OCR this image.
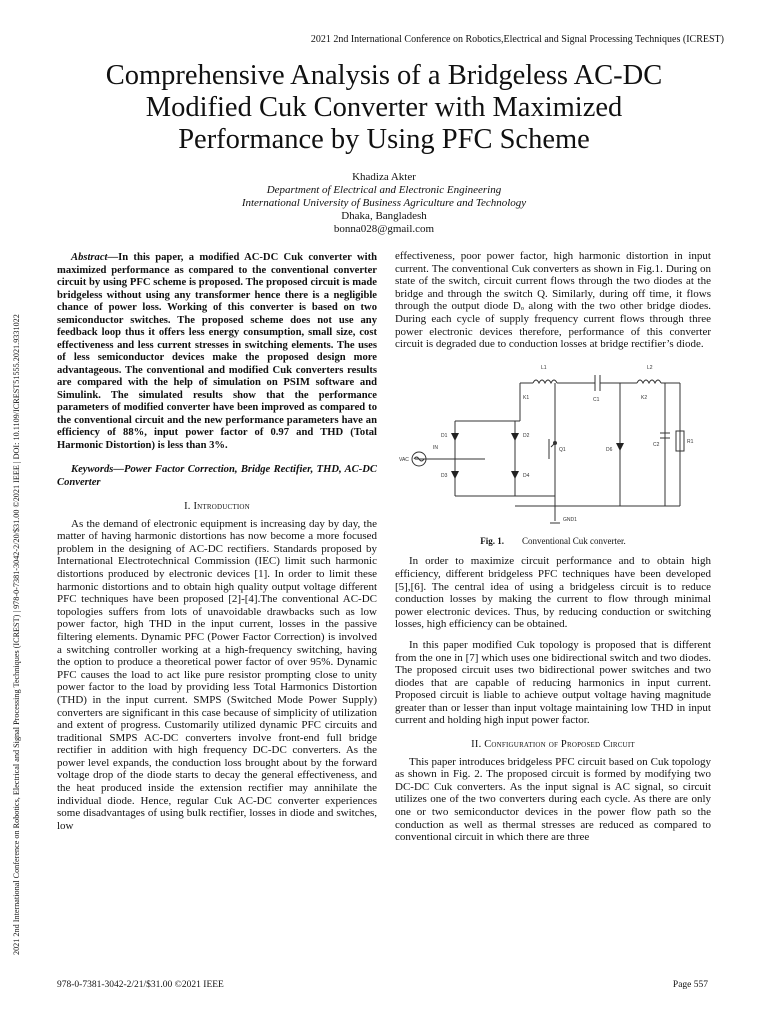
2021 2nd International Conference on Robotics,Electrical and Signal Processing Techniques (ICREST)
2021 2nd International Conference on Robotics, Electrical and Signal Processing Techniques (ICREST) | 978-0-7381-3042-2/20/$31.00 ©2021 IEEE | DOI: 10.1109/ICREST51555.2021.9331022
Comprehensive Analysis of a Bridgeless AC-DC
Modified Cuk Converter with Maximized
Performance by Using PFC Scheme
Khadiza Akter
Department of Electrical and Electronic Engineering
International University of Business Agriculture and Technology
Dhaka, Bangladesh
bonna028@gmail.com

Abstract—In this paper, a modified AC-DC Cuk converter with maximized performance as compared to the conventional converter circuit by using PFC scheme is proposed. The proposed circuit is made bridgeless without using any transformer hence there is a negligible chance of power loss. Working of this converter is based on two semiconductor switches. The proposed scheme does not use any feedback loop thus it offers less energy consumption, small size, cost effectiveness and less current stresses in switching elements. The uses of less semiconductor devices make the proposed design more advantageous. The conventional and modified Cuk converters results are compared with the help of simulation on PSIM software and Simulink. The simulated results show that the performance parameters of modified converter have been improved as compared to the conventional circuit and the new performance parameters have an efficiency of 88%, input power factor of 0.97 and THD (Total Harmonic Distortion) is less than 3%.

Keywords—Power Factor Correction, Bridge Rectifier, THD, AC-DC Converter

I. Introduction

As the demand of electronic equipment is increasing day by day, the matter of having harmonic distortions has now become a more focused problem in the designing of AC-DC rectifiers. Standards proposed by International Electrotechnical Commission (IEC) limit such harmonic distortions produced by electronic devices [1]. In order to limit these harmonic distortions and to obtain high quality output voltage different PFC techniques have been proposed [2]-[4].The conventional AC-DC topologies suffers from lots of unavoidable drawbacks such as low power factor, high THD in the input current, losses in the passive filtering elements. Dynamic PFC (Power Factor Correction) is involved a switching controller working at a high-frequency switching, having the option to produce a theoretical power factor of over 95%. Dynamic PFC causes the load to act like pure resistor prompting close to unity power factor to the load by providing less Total Harmonics Distortion (THD) in the input current. SMPS (Switched Mode Power Supply) converters are significant in this case because of simplicity of utilization and extent of progress. Customarily utilized dynamic PFC circuits and traditional SMPS AC-DC converters involve front-end full bridge rectifier in addition with high frequency DC-DC converters. As the power level expands, the conduction loss brought about by the forward voltage drop of the diode starts to decay the general effectiveness, and the heat produced inside the extension rectifier may annihilate the individual diode. Hence, regular Cuk AC-DC converter experiences some disadvantages of using bulk rectifier, losses in diode and switches, low

effectiveness, poor power factor, high harmonic distortion in input current. The conventional Cuk converters as shown in Fig.1. During on state of the switch, circuit current flows through the two diodes at the bridge and through the switch Q. Similarly, during off time, it flows through the output diode Dₒ along with the two other bridge diodes. During each cycle of supply frequency current flows through three power electronic devices therefore, performance of this converter circuit is degraded due to conduction losses at bridge rectifier’s diode.

L1	L2
C1
C2	R1
D1	D2
D3	D4
D6
Q1
VAC
IN
K1	K2
GND1

Fig. 1. Conventional Cuk converter.

In order to maximize circuit performance and to obtain high efficiency, different bridgeless PFC techniques have been developed [5],[6]. The central idea of using a bridgeless circuit is to reduce conduction losses by making the current to flow through minimal power electronic devices. Thus, by reducing conduction or switching losses, high efficiency can be obtained.

In this paper modified Cuk topology is proposed that is different from the one in [7] which uses one bidirectional switch and two diodes. The proposed circuit uses two bidirectional power switches and two diodes that are capable of reducing harmonics in input current. Proposed circuit is liable to achieve output voltage having magnitude greater than or lesser than input voltage maintaining low THD in input current and holding high input power factor.

II. Configuration of Proposed Circuit

This paper introduces bridgeless PFC circuit based on Cuk topology as shown in Fig. 2. The proposed circuit is formed by modifying two DC-DC Cuk converters. As the input signal is AC signal, so circuit utilizes one of the two converters during each cycle. As there are only one or two semiconductor devices in the power flow path so the conduction as well as thermal stresses are reduced as compared to conventional circuit in which there are three

978-0-7381-3042-2/21/$31.00 ©2021 IEEE	Page 557
